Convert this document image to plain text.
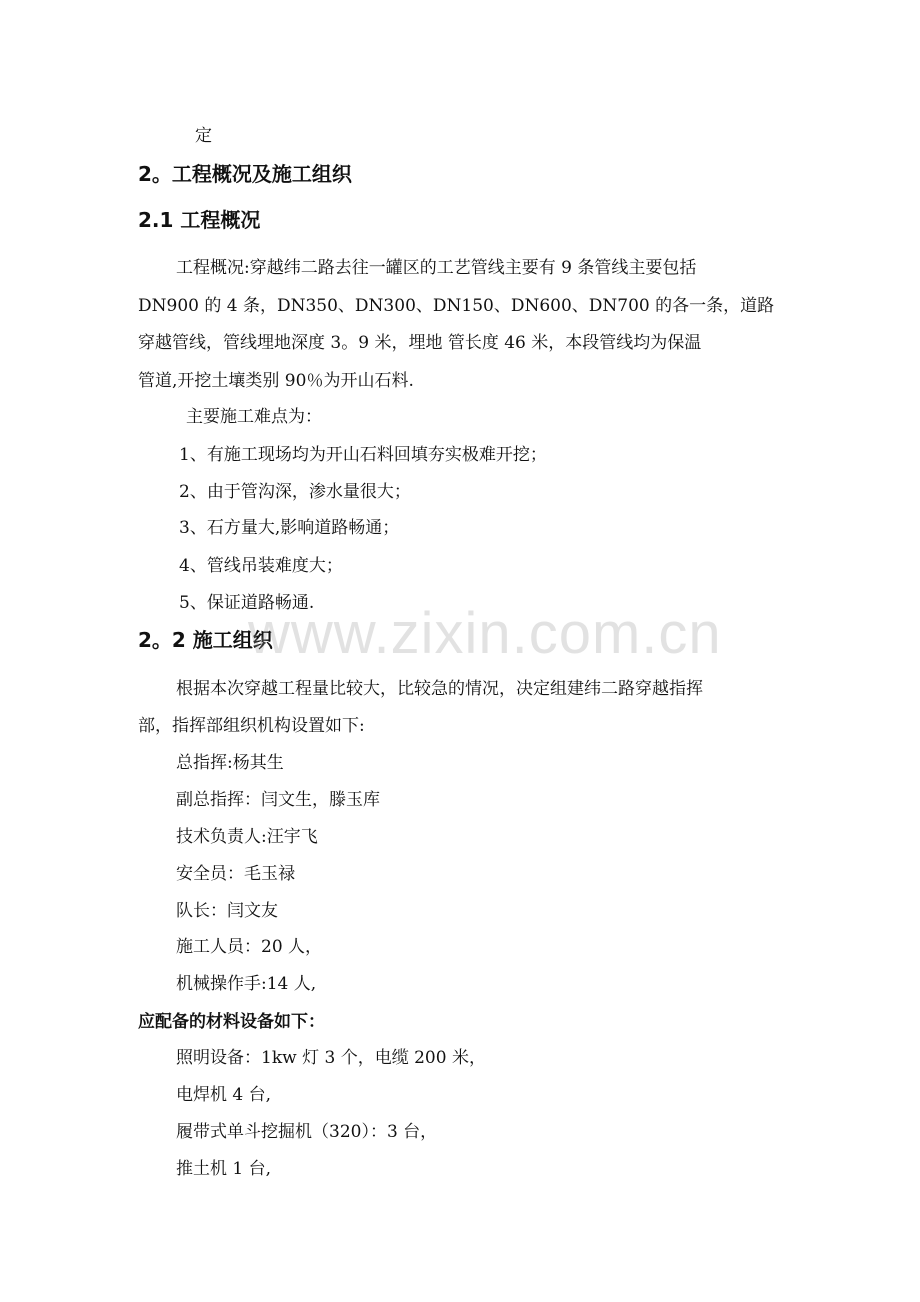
定
2。工程概况及施工组织
2.1 工程概况
工程概况:穿越纬二路去往一罐区的工艺管线主要有 9 条管线主要包括
DN900 的 4 条，DN350、DN300、DN150、DN600、DN700 的各一条，道路
穿越管线，管线埋地深度 3。9 米，埋地 管长度 46 米，本段管线均为保温
管道,开挖土壤类别 90％为开山石料.
主要施工难点为：
1、有施工现场均为开山石料回填夯实极难开挖；
2、由于管沟深，渗水量很大；
3、石方量大,影响道路畅通；
4、管线吊装难度大；
5、保证道路畅通.
2。2 施工组织
根据本次穿越工程量比较大，比较急的情况，决定组建纬二路穿越指挥
部，指挥部组织机构设置如下:
总指挥:杨其生
副总指挥：闫文生，滕玉库
技术负责人:汪宇飞
安全员：毛玉禄
队长：闫文友
施工人员：20 人，
机械操作手:14 人,
应配备的材料设备如下：
照明设备：1kw 灯 3 个，电缆 200 米，
电焊机 4 台,
履带式单斗挖掘机（320）：3 台，
推土机 1 台,
www.zixin.com.cn
